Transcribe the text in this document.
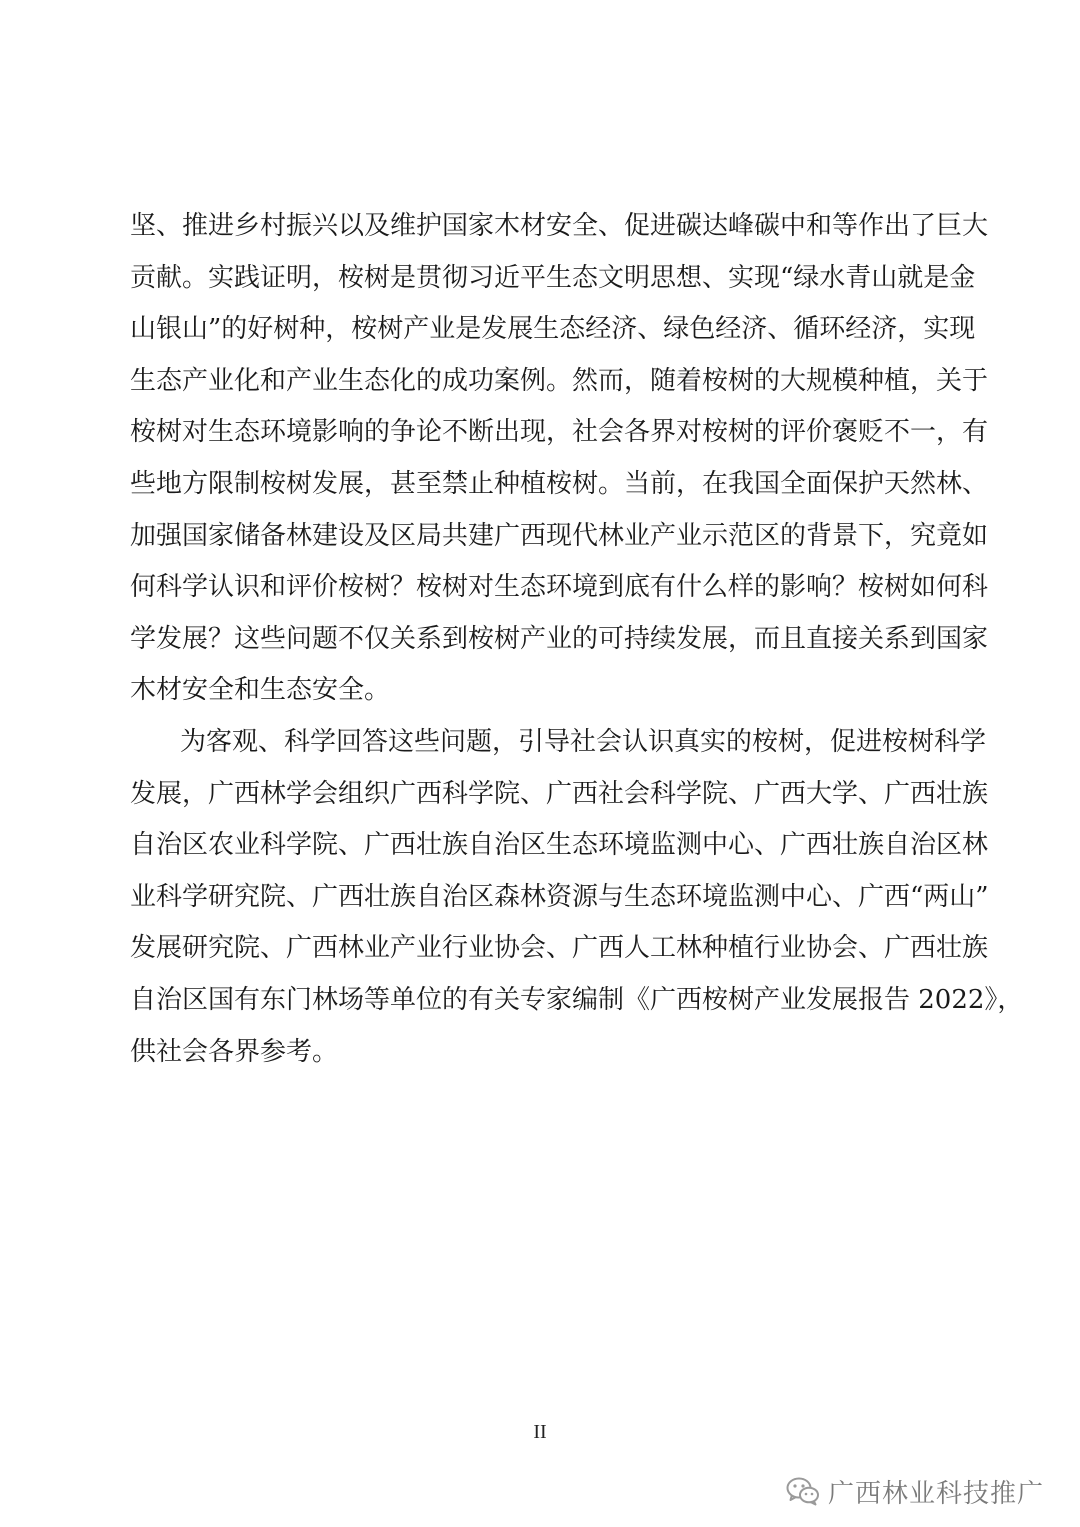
坚、推进乡村振兴以及维护国家木材安全、促进碳达峰碳中和等作出了巨大
贡献。实践证明，桉树是贯彻习近平生态文明思想、实现“绿水青山就是金
山银山”的好树种，桉树产业是发展生态经济、绿色经济、循环经济，实现
生态产业化和产业生态化的成功案例。然而，随着桉树的大规模种植，关于
桉树对生态环境影响的争论不断出现，社会各界对桉树的评价褒贬不一，有
些地方限制桉树发展，甚至禁止种植桉树。当前，在我国全面保护天然林、
加强国家储备林建设及区局共建广西现代林业产业示范区的背景下，究竟如
何科学认识和评价桉树？桉树对生态环境到底有什么样的影响？桉树如何科
学发展？这些问题不仅关系到桉树产业的可持续发展，而且直接关系到国家
木材安全和生态安全。
为客观、科学回答这些问题，引导社会认识真实的桉树，促进桉树科学
发展，广西林学会组织广西科学院、广西社会科学院、广西大学、广西壮族
自治区农业科学院、广西壮族自治区生态环境监测中心、广西壮族自治区林
业科学研究院、广西壮族自治区森林资源与生态环境监测中心、广西“两山”
发展研究院、广西林业产业行业协会、广西人工林种植行业协会、广西壮族
自治区国有东门林场等单位的有关专家编制《广西桉树产业发展报告 2022》，
供社会各界参考。
II
广西林业科技推广
